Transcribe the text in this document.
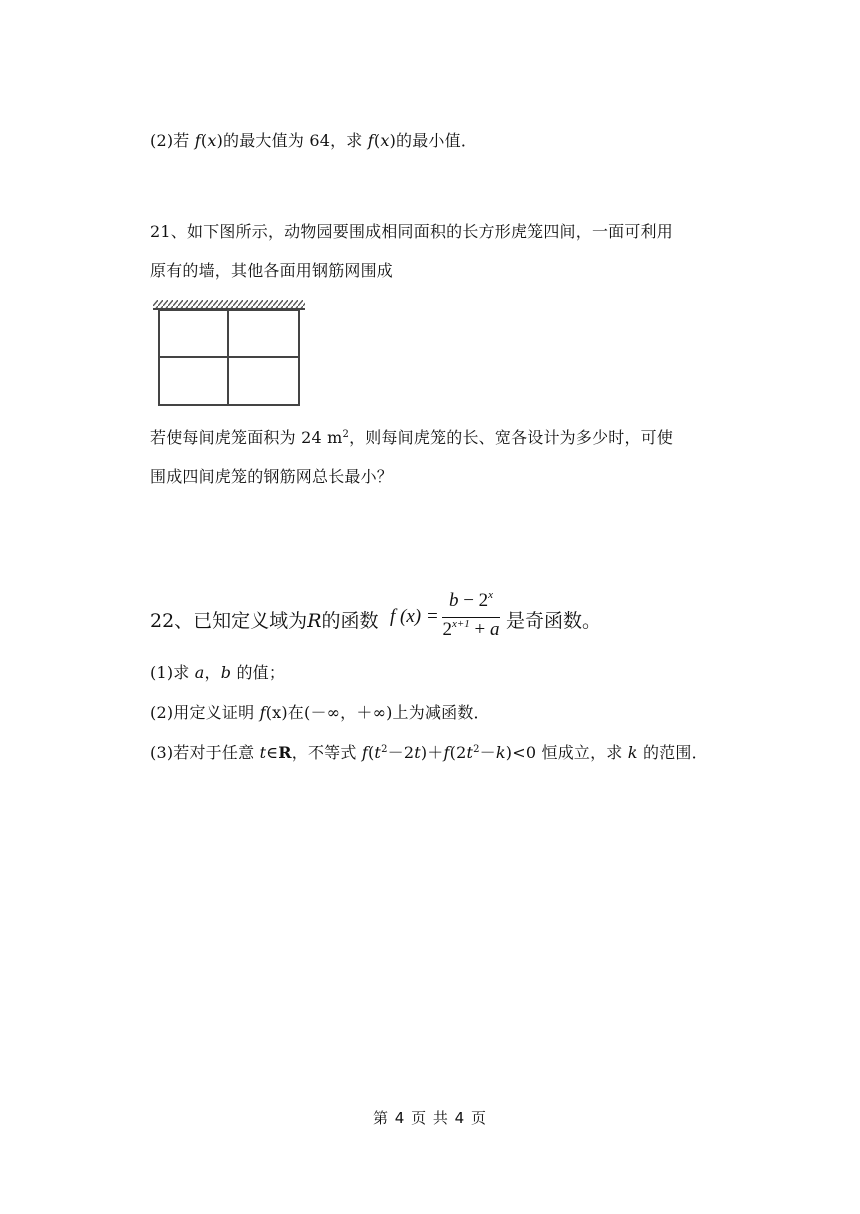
(2)若 f(x)的最大值为 64，求 f(x)的最小值．
21、如下图所示，动物园要围成相同面积的长方形虎笼四间，一面可利用
原有的墙，其他各面用钢筋网围成
若使每间虎笼面积为 24 $m^2$，则每间虎笼的长、宽各设计为多少时，可使
围成四间虎笼的钢筋网总长最小？
22、已知定义域为R的函数 f (x) =
$b - 2^x$
$2^{x+1} + a$ 是奇函数。
(1)求 a，b 的值；
(2)用定义证明 f(x)在(－∞，＋∞)上为减函数．
(3)若对于任意 t∈R，不等式 $f(t^2-2t)+f(2t^2-k)<0$ 恒成立，求 k 的范围．
第 4 页 共 4 页
